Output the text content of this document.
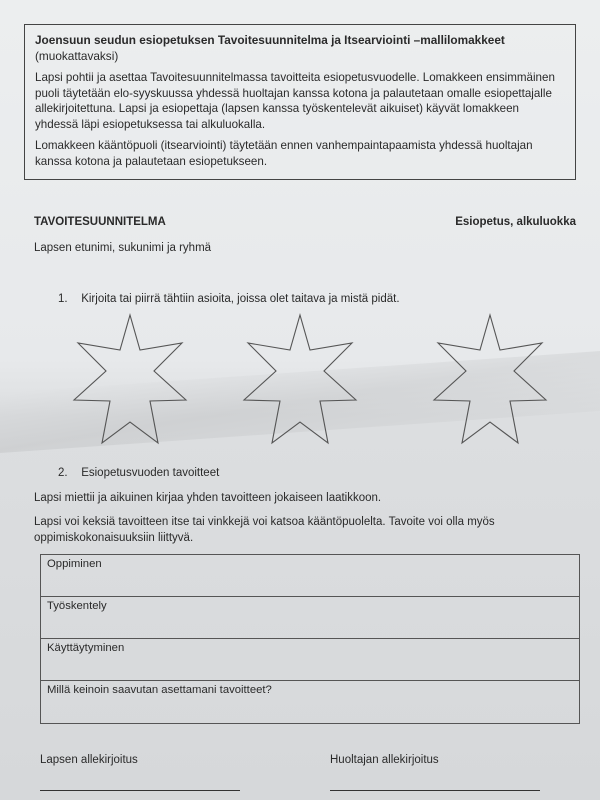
Joensuun seudun esiopetuksen Tavoitesuunnitelma ja Itsearviointi –mallilomakkeet (muokattavaksi)

Lapsi pohtii ja asettaa Tavoitesuunnitelmassa tavoitteita esiopetusvuodelle. Lomakkeen ensimmäinen puoli täytetään elo-syyskuussa yhdessä huoltajan kanssa kotona ja palautetaan omalle esiopettajalle allekirjoitettuna. Lapsi ja esiopettaja (lapsen kanssa työskentelevät aikuiset) käyvät lomakkeen yhdessä läpi esiopetuksessa tai alkuluokalla.

Lomakkeen kääntöpuoli (itsearviointi) täytetään ennen vanhempaintapaamista yhdessä huoltajan kanssa kotona ja palautetaan esiopetukseen.

TAVOITESUUNNITELMA	Esiopetus, alkuluokka
Lapsen etunimi, sukunimi ja ryhmä
1. Kirjoita tai piirrä tähtiin asioita, joissa olet taitava ja mistä pidät.
2. Esiopetusvuoden tavoitteet
Lapsi miettii ja aikuinen kirjaa yhden tavoitteen jokaiseen laatikkoon.
Lapsi voi keksiä tavoitteen itse tai vinkkejä voi katsoa kääntöpuolelta. Tavoite voi olla myös oppimiskokonaisuuksiin liittyvä.
Oppiminen
Työskentely
Käyttäytyminen
Millä keinoin saavutan asettamani tavoitteet?
Lapsen allekirjoitus	Huoltajan allekirjoitus
